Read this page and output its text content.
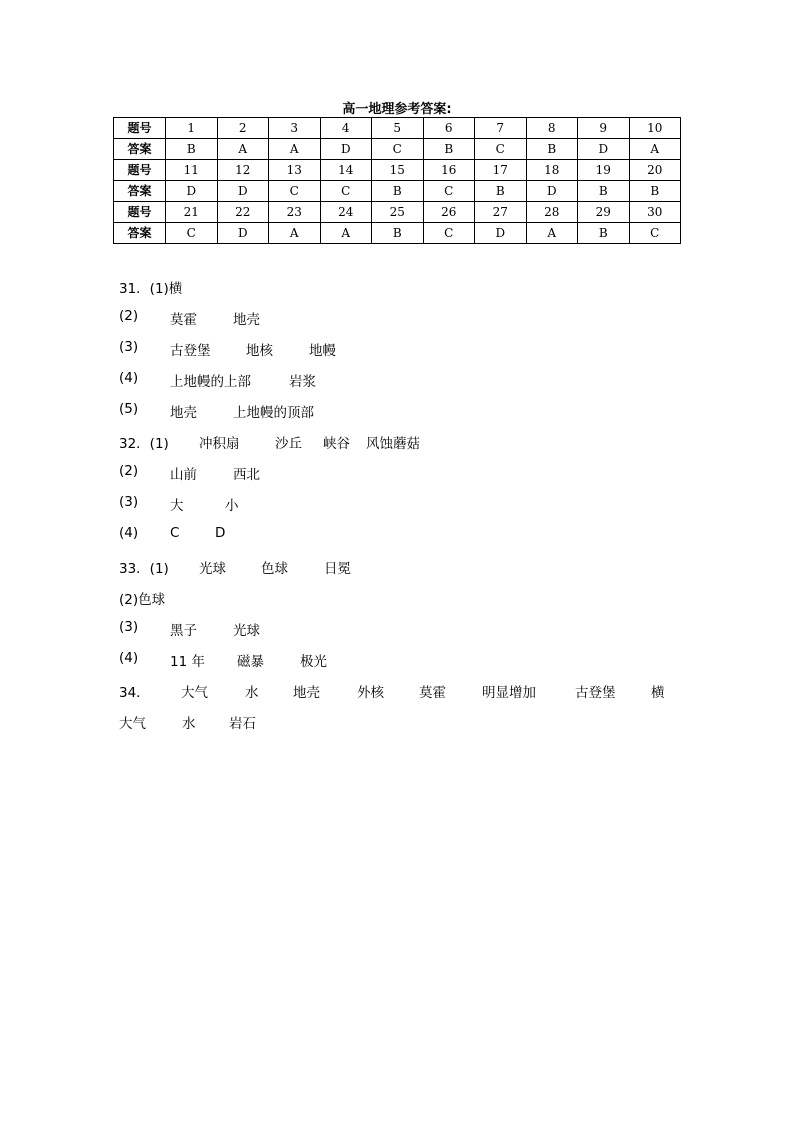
高一地理参考答案:
题号	1	2	3	4	5	6	7	8	9	10
答案	B	A	A	D	C	B	C	B	D	A
题号	11	12	13	14	15	16	17	18	19	20
答案	D	D	C	C	B	C	B	D	B	B
题号	21	22	23	24	25	26	27	28	29	30
答案	C	D	A	A	B	C	D	A	B	C
31．(1)横
(2) 莫霍	地壳
(3) 古登堡	地核	地幔
(4) 上地幔的上部	岩浆
(5) 地壳	上地幔的顶部
32．(1) 冲积扇	沙丘 峡谷 风蚀蘑菇
(2) 山前	西北
(3) 大	小
(4) C	D
33．(1) 光球	色球	日冕
(2)色球
(3) 黑子	光球
(4) 11 年 磁暴	极光
34． 大气	水	地壳	外核	莫霍	明显增加	古登堡	横
大气	水 岩石
